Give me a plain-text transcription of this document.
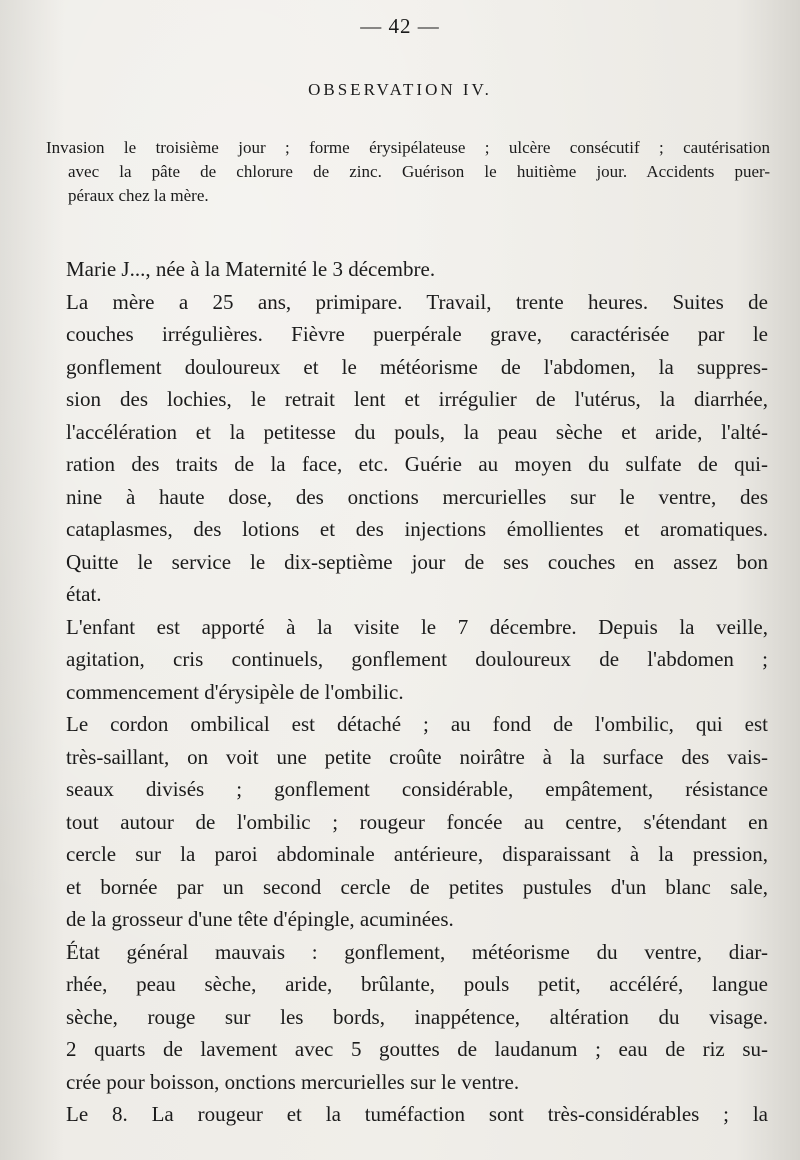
— 42 —
OBSERVATION IV.
Invasion le troisième jour ; forme érysipélateuse ; ulcère consécutif ; cautérisation
avec la pâte de chlorure de zinc. Guérison le huitième jour. Accidents puer-
péraux chez la mère.
Marie J..., née à la Maternité le 3 décembre.
La mère a 25 ans, primipare. Travail, trente heures. Suites de
couches irrégulières. Fièvre puerpérale grave, caractérisée par le
gonflement douloureux et le météorisme de l'abdomen, la suppres-
sion des lochies, le retrait lent et irrégulier de l'utérus, la diarrhée,
l'accélération et la petitesse du pouls, la peau sèche et aride, l'alté-
ration des traits de la face, etc. Guérie au moyen du sulfate de qui-
nine à haute dose, des onctions mercurielles sur le ventre, des
cataplasmes, des lotions et des injections émollientes et aromatiques.
Quitte le service le dix-septième jour de ses couches en assez bon
état.
L'enfant est apporté à la visite le 7 décembre. Depuis la veille,
agitation, cris continuels, gonflement douloureux de l'abdomen ;
commencement d'érysipèle de l'ombilic.
Le cordon ombilical est détaché ; au fond de l'ombilic, qui est
très-saillant, on voit une petite croûte noirâtre à la surface des vais-
seaux divisés ; gonflement considérable, empâtement, résistance
tout autour de l'ombilic ; rougeur foncée au centre, s'étendant en
cercle sur la paroi abdominale antérieure, disparaissant à la pression,
et bornée par un second cercle de petites pustules d'un blanc sale,
de la grosseur d'une tête d'épingle, acuminées.
État général mauvais : gonflement, météorisme du ventre, diar-
rhée, peau sèche, aride, brûlante, pouls petit, accéléré, langue
sèche, rouge sur les bords, inappétence, altération du visage.
2 quarts de lavement avec 5 gouttes de laudanum ; eau de riz su-
crée pour boisson, onctions mercurielles sur le ventre.
Le 8. La rougeur et la tuméfaction sont très-considérables ; la
